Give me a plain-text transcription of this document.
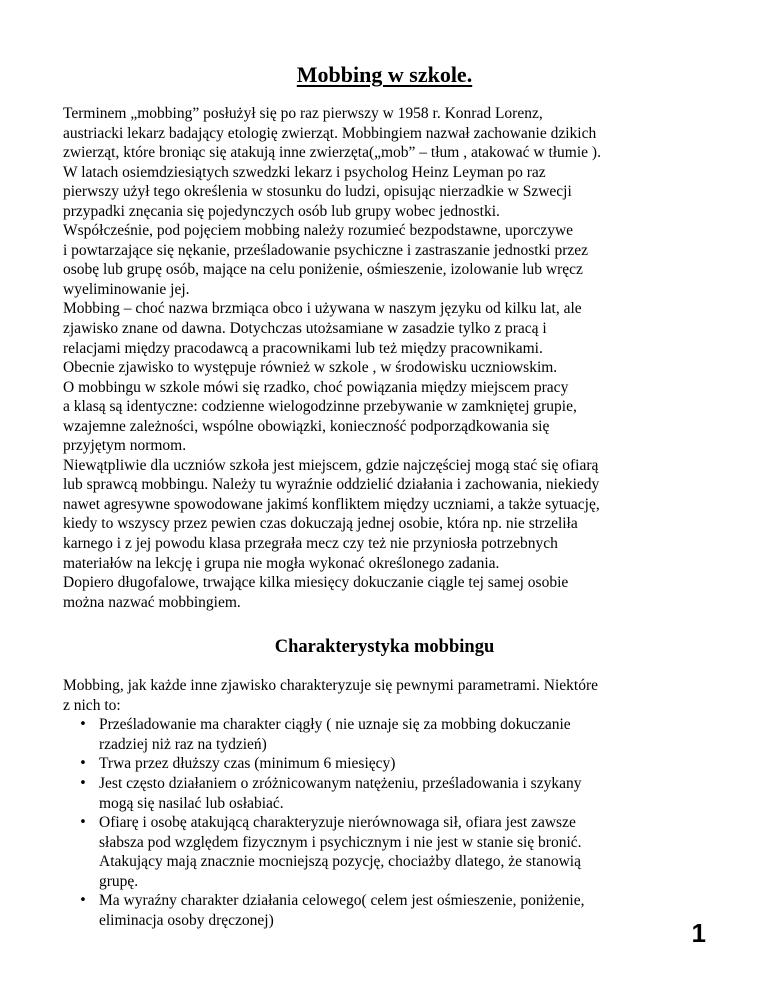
Mobbing w szkole.

Terminem „mobbing” posłużył się po raz pierwszy w 1958 r. Konrad Lorenz,

austriacki lekarz badający etologię zwierząt. Mobbingiem nazwał zachowanie dzikich

zwierząt, które broniąc się atakują inne zwierzęta(„mob” – tłum , atakować w tłumie ).

W latach osiemdziesiątych szwedzki lekarz i psycholog Heinz Leyman po raz

pierwszy użył tego określenia w stosunku do ludzi, opisując nierzadkie w Szwecji

przypadki znęcania się pojedynczych osób lub grupy wobec jednostki.

Współcześnie, pod pojęciem mobbing należy rozumieć bezpodstawne, uporczywe

i powtarzające się nękanie, prześladowanie psychiczne i zastraszanie jednostki przez

osobę lub grupę osób, mające na celu poniżenie, ośmieszenie, izolowanie lub wręcz

wyeliminowanie jej.

Mobbing – choć nazwa brzmiąca obco i używana w naszym języku od kilku lat, ale

zjawisko znane od dawna. Dotychczas utożsamiane w zasadzie tylko z pracą i

relacjami między pracodawcą a pracownikami lub też między pracownikami.

Obecnie zjawisko to występuje również w szkole , w środowisku uczniowskim.

O mobbingu w szkole mówi się rzadko, choć powiązania między miejscem pracy

a klasą są identyczne: codzienne wielogodzinne przebywanie w zamkniętej grupie,

wzajemne zależności, wspólne obowiązki, konieczność podporządkowania się

przyjętym normom.

Niewątpliwie dla uczniów szkoła jest miejscem, gdzie najczęściej mogą stać się ofiarą

lub sprawcą mobbingu. Należy tu wyraźnie oddzielić działania i zachowania, niekiedy

nawet agresywne spowodowane jakimś konfliktem między uczniami, a także sytuację,

kiedy to wszyscy przez pewien czas dokuczają jednej osobie, która np. nie strzeliła

karnego i z jej powodu klasa przegrała mecz czy też nie przyniosła potrzebnych

materiałów na lekcję i grupa nie mogła wykonać określonego zadania.

Dopiero długofalowe, trwające kilka miesięcy dokuczanie ciągle tej samej osobie

można nazwać mobbingiem.

Charakterystyka mobbingu
Mobbing, jak każde inne zjawisko charakteryzuje się pewnymi parametrami. Niektóre
z nich to:
• Prześladowanie ma charakter ciągły ( nie uznaje się za mobbing dokuczanie
rzadziej niż raz na tydzień)
• Trwa przez dłuższy czas (minimum 6 miesięcy)
• Jest często działaniem o zróżnicowanym natężeniu, prześladowania i szykany
mogą się nasilać lub osłabiać.
• Ofiarę i osobę atakującą charakteryzuje nierównowaga sił, ofiara jest zawsze
słabsza pod względem fizycznym i psychicznym i nie jest w stanie się bronić.
Atakujący mają znacznie mocniejszą pozycję, chociażby dlatego, że stanowią
grupę.
• Ma wyraźny charakter działania celowego( celem jest ośmieszenie, poniżenie,
eliminacja osoby dręczonej)	1
